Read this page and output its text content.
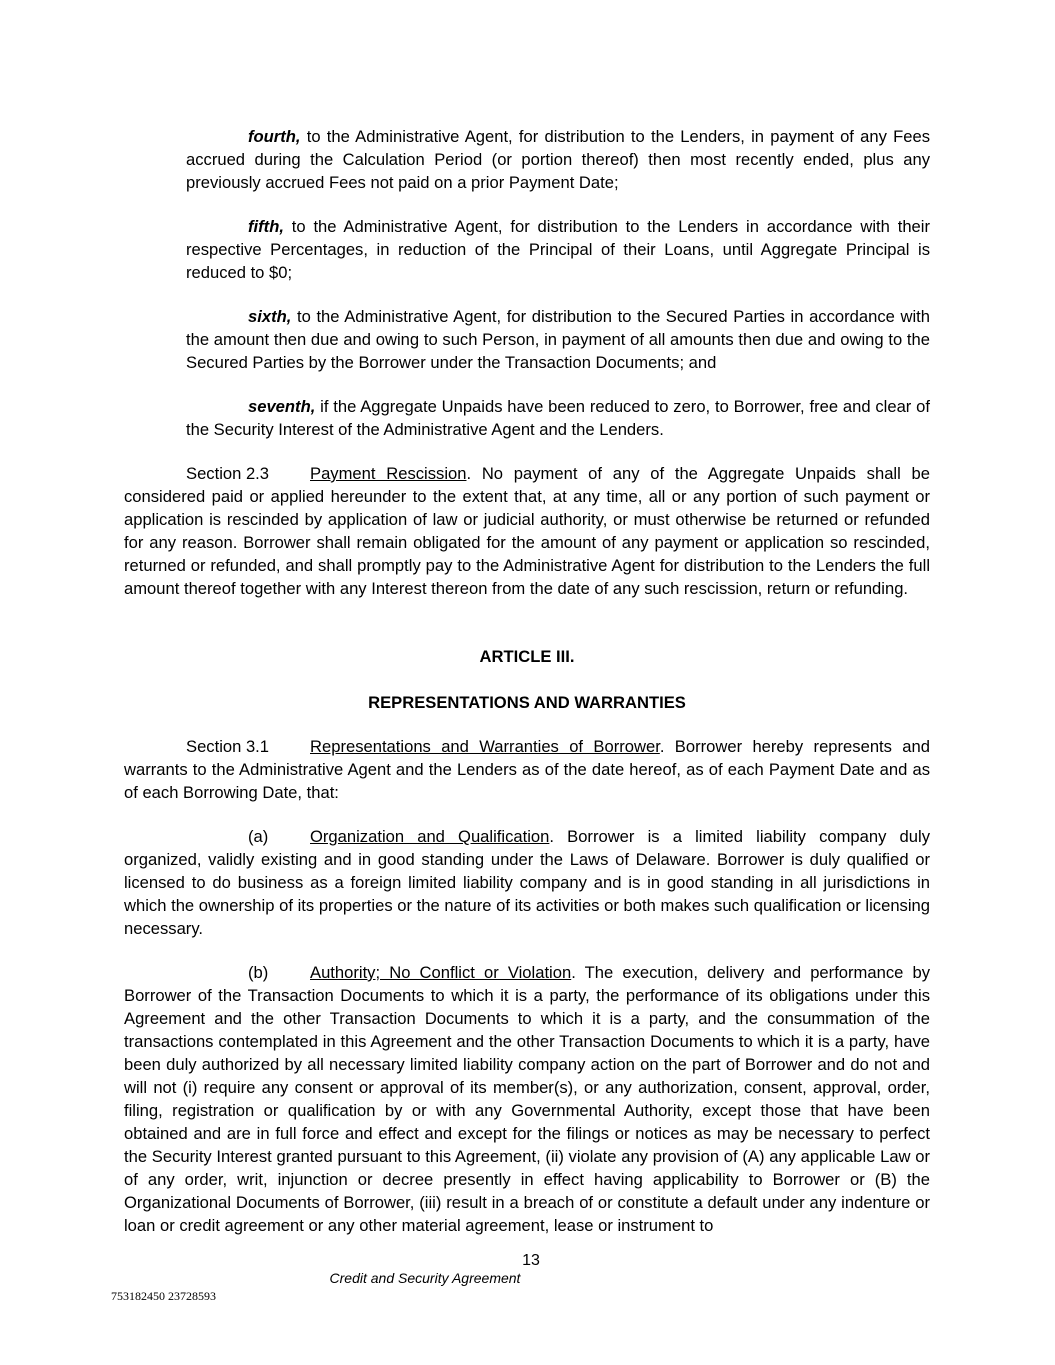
fourth, to the Administrative Agent, for distribution to the Lenders, in payment of any Fees accrued during the Calculation Period (or portion thereof) then most recently ended, plus any previously accrued Fees not paid on a prior Payment Date;

fifth, to the Administrative Agent, for distribution to the Lenders in accordance with their respective Percentages, in reduction of the Principal of their Loans, until Aggregate Principal is reduced to $0;

sixth, to the Administrative Agent, for distribution to the Secured Parties in accordance with the amount then due and owing to such Person, in payment of all amounts then due and owing to the Secured Parties by the Borrower under the Transaction Documents; and

seventh, if the Aggregate Unpaids have been reduced to zero, to Borrower, free and clear of the Security Interest of the Administrative Agent and the Lenders.

Section 2.3 Payment Rescission. No payment of any of the Aggregate Unpaids shall be considered paid or applied hereunder to the extent that, at any time, all or any portion of such payment or application is rescinded by application of law or judicial authority, or must otherwise be returned or refunded for any reason. Borrower shall remain obligated for the amount of any payment or application so rescinded, returned or refunded, and shall promptly pay to the Administrative Agent for distribution to the Lenders the full amount thereof together with any Interest thereon from the date of any such rescission, return or refunding.

ARTICLE III.

REPRESENTATIONS AND WARRANTIES

Section 3.1 Representations and Warranties of Borrower. Borrower hereby represents and warrants to the Administrative Agent and the Lenders as of the date hereof, as of each Payment Date and as of each Borrowing Date, that:

(a)	Organization and Qualification. Borrower is a limited liability company duly organized, validly existing and in good standing under the Laws of Delaware. Borrower is duly qualified or licensed to do business as a foreign limited liability company and is in good standing in all jurisdictions in which the ownership of its properties or the nature of its activities or both makes such qualification or licensing necessary.

(b)	Authority; No Conflict or Violation. The execution, delivery and performance by Borrower of the Transaction Documents to which it is a party, the performance of its obligations under this Agreement and the other Transaction Documents to which it is a party, and the consummation of the transactions contemplated in this Agreement and the other Transaction Documents to which it is a party, have been duly authorized by all necessary limited liability company action on the part of Borrower and do not and will not (i) require any consent or approval of its member(s), or any authorization, consent, approval, order, filing, registration or qualification by or with any Governmental Authority, except those that have been obtained and are in full force and effect and except for the filings or notices as may be necessary to perfect the Security Interest granted pursuant to this Agreement, (ii) violate any provision of (A) any applicable Law or of any order, writ, injunction or decree presently in effect having applicability to Borrower or (B) the Organizational Documents of Borrower, (iii) result in a breach of or constitute a default under any indenture or loan or credit agreement or any other material agreement, lease or instrument to

13
Credit and Security Agreement
753182450 23728593
